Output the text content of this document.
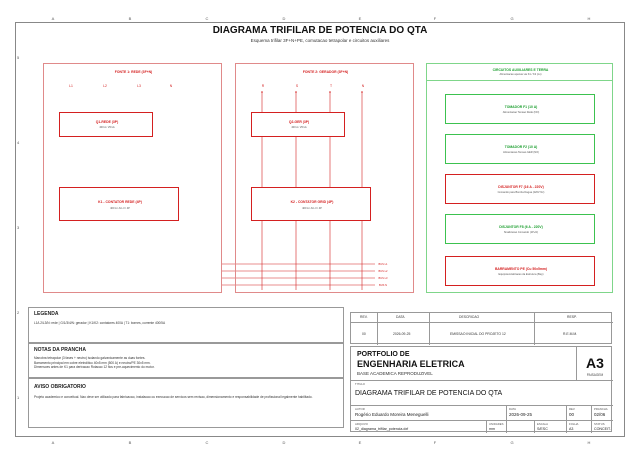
A	B	C	D	E	F	G	H
A	B	C	D	E	F	G	H
5
4
3
2
1
DIAGRAMA TRIFILAR DE POTENCIA DO QTA
Esquema trifilar 3F+N+PE, comutacao tetrapolar e circuitos auxiliares
FONTE 1: REDE (3F+N)
L1	L2	L3	N
Q1-REDE (3P)
400 A / 25 kA
K1 - CONTATOR REDE (4P)
400 A / AC-3 / 4P
FONTE 2: GERADOR (3F+N)
R	S	T	N
Q2-GER (3P)
400 A / 25 kA
K2 - CONTATOR GRID (4P)
400 A / AC-3 / 4P
BUS L1
BUS L2
BUS L3
BUS N
CIRCUITOS AUXILIARES E TERRA
Alimentacao apenas via K1 / K2 (no)
TOMADOR F1 (10 A)
Alimentacao Tensao Rede (NO)
TOMADOR F2 (10 A)
Alimentacao Tensao GER (NO)
DISJUNTOR F7 (16 A - 220V)
Comando para Bomba Dagua (220V Nc)
DISJUNTOR F8 (6 A - 220V)
Sinalizacao Comando (1P+N)
BARRAMENTO PE (Cu 50x5mm)
Equipotencializacao da Estrutura (Bep)
LEGENDA
L1/L2/L3/N: rede | G/1/3/4/N: gerador | K1/K2: contatores 400A | T1: bornes, corrente 400/5A
NOTAS DA PRANCHA
Manobra tetrapolar (3 fases + neutro) isolando galvanicamente as duas fontes.
Barramento principal em cobre eletrolitico 40x5 mm (500 A) e neutro/PE 30x5 mm.
Dimensoes antes de K1 para derivacao Rotacao 12 fios e pre-aquecimento do motor.
AVISO OBRIGATORIO
Projeto academico e conceitual. Nao deve ser utilizado para fabricacao, instalacao ou execucao de servicos sem revisao, dimensionamento e responsabilidade de profissional legalmente habilitado.
REV.	DATA	DESCRICAO	RESP.
00	2026-09-25	EMISSAO INICIAL DO PROJETO 12	R.E.M.M.
PORTFOLIO DE
ENGENHARIA ELETRICA
BASE ACADEMICA REPRODUZIVEL
A3
PAISAGEM
TITULO
DIAGRAMA TRIFILAR DE POTENCIA DO QTA
AUTOR
Rogério Eduardo Moreira Meneguelli
DATA
2026-09-25
REV.
00
PRANCHA
02/06
ARQUIVO
02_diagrama_trifilar_potencia.dxf
UNIDADES
mm
ESCALA
S/ESC
FOLHA
A3
STATUS
CONCEIT.
